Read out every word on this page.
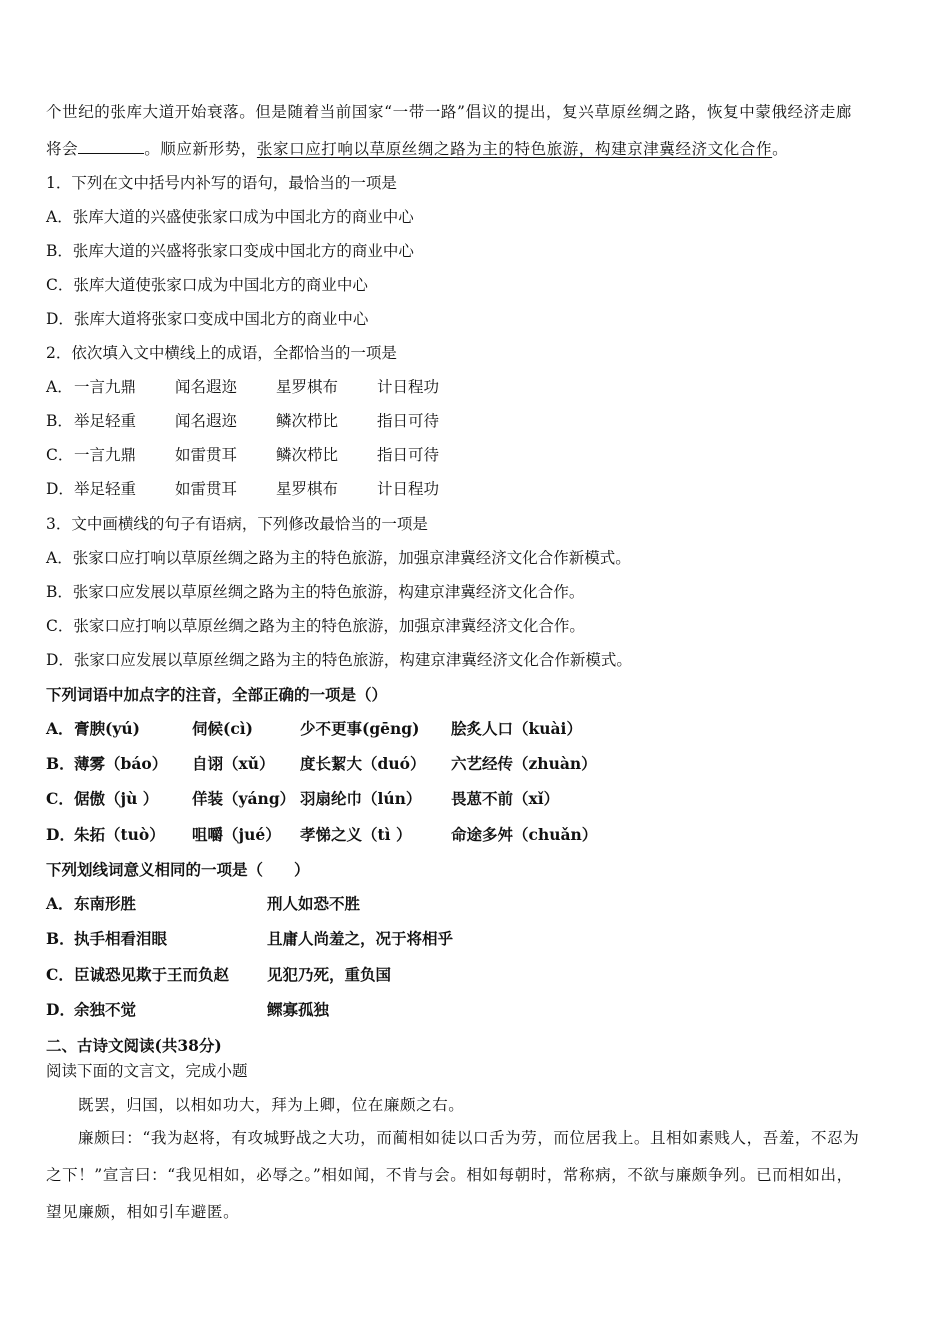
个世纪的张库大道开始衰落。但是随着当前国家“一带一路”倡议的提出，复兴草原丝绸之路，恢复中蒙俄经济走廊
将会	。顺应新形势，张家口应打响以草原丝绸之路为主的特色旅游，构建京津冀经济文化合作。
1．下列在文中括号内补写的语句，最恰当的一项是
A．张库大道的兴盛使张家口成为中国北方的商业中心
B．张库大道的兴盛将张家口变成中国北方的商业中心
C．张库大道使张家口成为中国北方的商业中心
D．张库大道将张家口变成中国北方的商业中心
2．依次填入文中横线上的成语，全都恰当的一项是
A． 一言九鼎	闻名遐迩	星罗棋布	计日程功
B． 举足轻重	闻名遐迩	鳞次栉比	指日可待
C． 一言九鼎	如雷贯耳	鳞次栉比	指日可待
D． 举足轻重	如雷贯耳	星罗棋布	计日程功
3．文中画横线的句子有语病，下列修改最恰当的一项是
A．张家口应打响以草原丝绸之路为主的特色旅游，加强京津冀经济文化合作新模式。
B．张家口应发展以草原丝绸之路为主的特色旅游，构建京津冀经济文化合作。
C．张家口应打响以草原丝绸之路为主的特色旅游，加强京津冀经济文化合作。
D．张家口应发展以草原丝绸之路为主的特色旅游，构建京津冀经济文化合作新模式。
下列词语中加点字的注音，全部正确的一项是（）
A． 膏腴(yú)	伺候(cì)	少不更事(gēng) 脍炙人口（kuài）
B． 薄雾（báo） 自诩（xǔ） 度长絜大（duó） 六艺经传（zhuàn）
C． 倨傲（jù ） 佯装（yáng） 羽扇纶巾（lún） 畏葸不前（xǐ）
D． 朱拓（tuò） 咀嚼（jué） 孝悌之义（tì ）	命途多舛（chuǎn）
下列划线词意义相同的一项是（　　）
A． 东南形胜	刑人如恐不胜
B． 执手相看泪眼	且庸人尚羞之，况于将相乎
C． 臣诚恐见欺于王而负赵 见犯乃死，重负国
D． 余独不觉	鳏寡孤独
二、古诗文阅读(共38分)
阅读下面的文言文，完成小题
既罢，归国，以相如功大，拜为上卿，位在廉颇之右。
廉颇曰：“我为赵将，有攻城野战之大功，而蔺相如徒以口舌为劳，而位居我上。且相如素贱人，吾羞，不忍为
之下！”宣言曰：“我见相如，必辱之。”相如闻，不肯与会。相如每朝时，常称病，不欲与廉颇争列。已而相如出，
望见廉颇，相如引车避匿。
